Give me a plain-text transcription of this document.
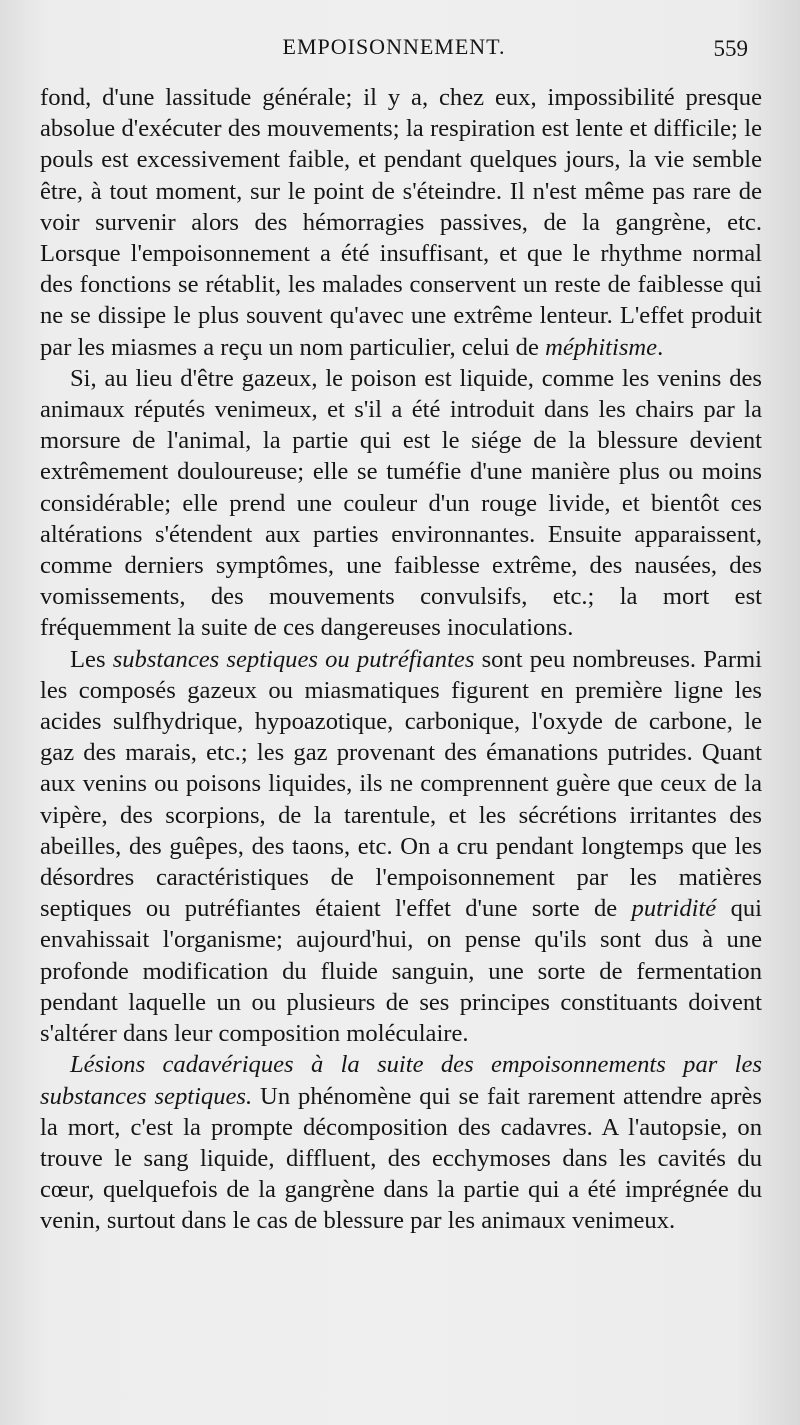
EMPOISONNEMENT.	559

fond, d'une lassitude générale; il y a, chez eux, impossibilité presque absolue d'exécuter des mouvements; la respiration est lente et difficile; le pouls est excessivement faible, et pendant quelques jours, la vie semble être, à tout moment, sur le point de s'éteindre. Il n'est même pas rare de voir survenir alors des hémorragies passives, de la gangrène, etc. Lorsque l'empoisonnement a été insuffisant, et que le rhythme normal des fonctions se rétablit, les malades conservent un reste de faiblesse qui ne se dissipe le plus souvent qu'avec une extrême lenteur. L'effet produit par les miasmes a reçu un nom particulier, celui de méphitisme.

Si, au lieu d'être gazeux, le poison est liquide, comme les venins des animaux réputés venimeux, et s'il a été introduit dans les chairs par la morsure de l'animal, la partie qui est le siége de la blessure devient extrêmement douloureuse; elle se tuméfie d'une manière plus ou moins considérable; elle prend une couleur d'un rouge livide, et bientôt ces altérations s'étendent aux parties environnantes. Ensuite apparaissent, comme derniers symptômes, une faiblesse extrême, des nausées, des vomissements, des mouvements convulsifs, etc.; la mort est fréquemment la suite de ces dangereuses inoculations.

Les substances septiques ou putréfiantes sont peu nombreuses. Parmi les composés gazeux ou miasmatiques figurent en première ligne les acides sulfhydrique, hypoazotique, carbonique, l'oxyde de carbone, le gaz des marais, etc.; les gaz provenant des émanations putrides. Quant aux venins ou poisons liquides, ils ne comprennent guère que ceux de la vipère, des scorpions, de la tarentule, et les sécrétions irritantes des abeilles, des guêpes, des taons, etc. On a cru pendant longtemps que les désordres caractéristiques de l'empoisonnement par les matières septiques ou putréfiantes étaient l'effet d'une sorte de putridité qui envahissait l'organisme; aujourd'hui, on pense qu'ils sont dus à une profonde modification du fluide sanguin, une sorte de fermentation pendant laquelle un ou plusieurs de ses principes constituants doivent s'altérer dans leur composition moléculaire.

Lésions cadavériques à la suite des empoisonnements par les substances septiques. Un phénomène qui se fait rarement attendre après la mort, c'est la prompte décomposition des cadavres. A l'autopsie, on trouve le sang liquide, diffluent, des ecchymoses dans les cavités du cœur, quelquefois de la gangrène dans la partie qui a été imprégnée du venin, surtout dans le cas de blessure par les animaux venimeux.
